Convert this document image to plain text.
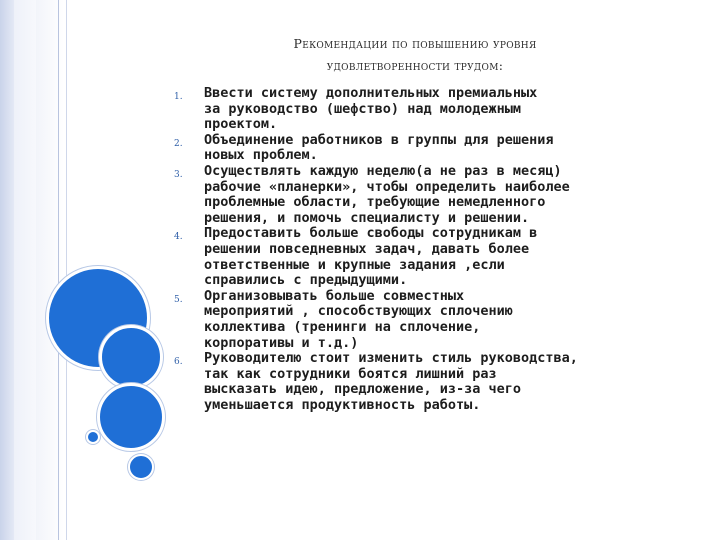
Рекомендации по повышению уровня
удовлетворенности трудом:
1. Ввести систему дополнительных премиальных
за руководство (шефство) над молодежным
проектом.
2. Объединение работников в группы для решения
новых проблем.
3. Осуществлять каждую неделю(а не раз в месяц)
рабочие «планерки», чтобы определить наиболее
проблемные области, требующие немедленного
решения, и помочь специалисту и решении.
4. Предоставить больше свободы сотрудникам в
решении повседневных задач, давать более
ответственные и крупные задания ,если
справились с предыдущими.
5. Организовывать больше совместных
мероприятий , способствующих сплочению
коллектива (тренинги на сплочение,
корпоративы и т.д.)
6. Руководителю стоит изменить стиль руководства,
так как сотрудники боятся лишний раз
высказать идею, предложение, из-за чего
уменьшается продуктивность работы.
